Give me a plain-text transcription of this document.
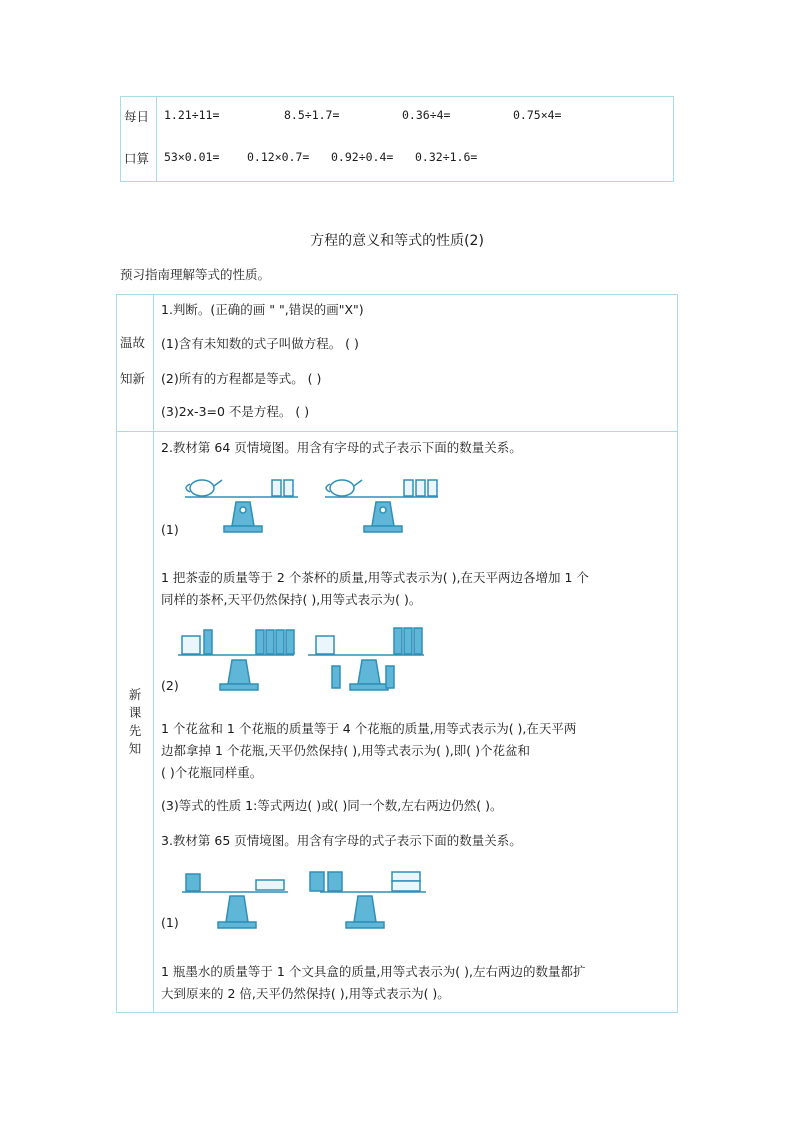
每日
口算
1.21÷11=	8.5÷1.7=	0.36÷4=	0.75×4=
53×0.01= 0.12×0.7= 0.92÷0.4= 0.32÷1.6=
方程的意义和等式的性质(2)
预习指南理解等式的性质。
温故
知新
1.判断。(正确的画 " ",错误的画"X")
(1)含有未知数的式子叫做方程。 ( )
(2)所有的方程都是等式。 ( )
(3)2x-3=0 不是方程。 ( )
新课先知
2.教材第 64 页情境图。用含有字母的式子表示下面的数量关系。
(1)
1 把茶壶的质量等于 2 个茶杯的质量,用等式表示为( ),在天平两边各增加 1 个
同样的茶杯,天平仍然保持( ),用等式表示为( )。
(2)
1 个花盆和 1 个花瓶的质量等于 4 个花瓶的质量,用等式表示为( ),在天平两
边都拿掉 1 个花瓶,天平仍然保持( ),用等式表示为( ),即( )个花盆和
( )个花瓶同样重。
(3)等式的性质 1:等式两边( )或( )同一个数,左右两边仍然( )。
3.教材第 65 页情境图。用含有字母的式子表示下面的数量关系。
(1)
1 瓶墨水的质量等于 1 个文具盒的质量,用等式表示为( ),左右两边的数量都扩
大到原来的 2 倍,天平仍然保持( ),用等式表示为( )。
